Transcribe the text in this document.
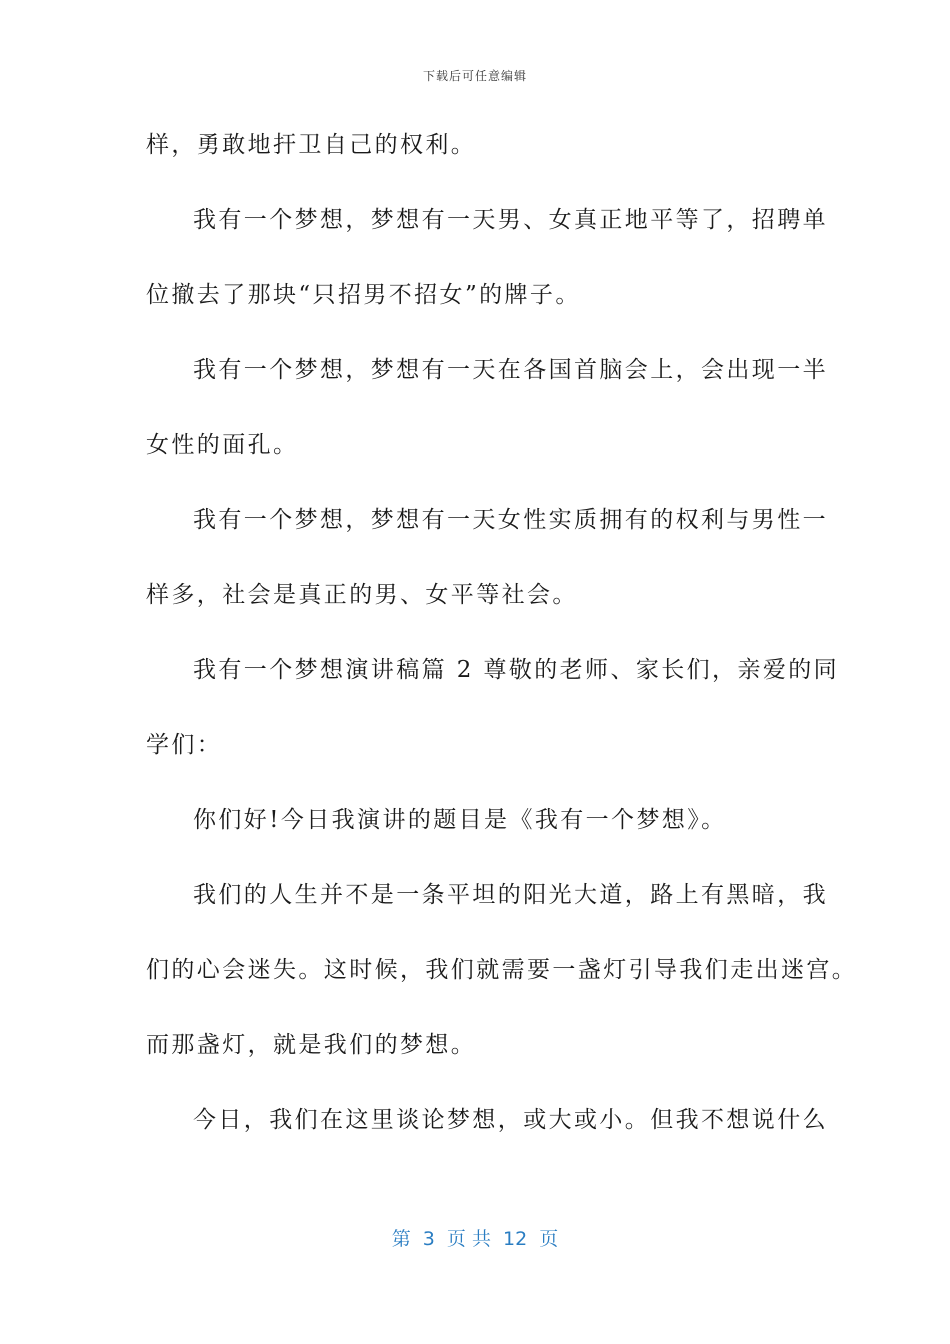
下载后可任意编辑
样，勇敢地扞卫自己的权利。
我有一个梦想，梦想有一天男、女真正地平等了，招聘单
位撤去了那块“只招男不招女”的牌子。
我有一个梦想，梦想有一天在各国首脑会上，会出现一半
女性的面孔。
我有一个梦想，梦想有一天女性实质拥有的权利与男性一
样多，社会是真正的男、女平等社会。
我有一个梦想演讲稿篇 2 尊敬的老师、家长们，亲爱的同
学们：
你们好!今日我演讲的题目是《我有一个梦想》。
我们的人生并不是一条平坦的阳光大道，路上有黑暗，我
们的心会迷失。这时候，我们就需要一盏灯引导我们走出迷宫。
而那盏灯，就是我们的梦想。
今日，我们在这里谈论梦想，或大或小。但我不想说什么
第  3  页 共  12  页
